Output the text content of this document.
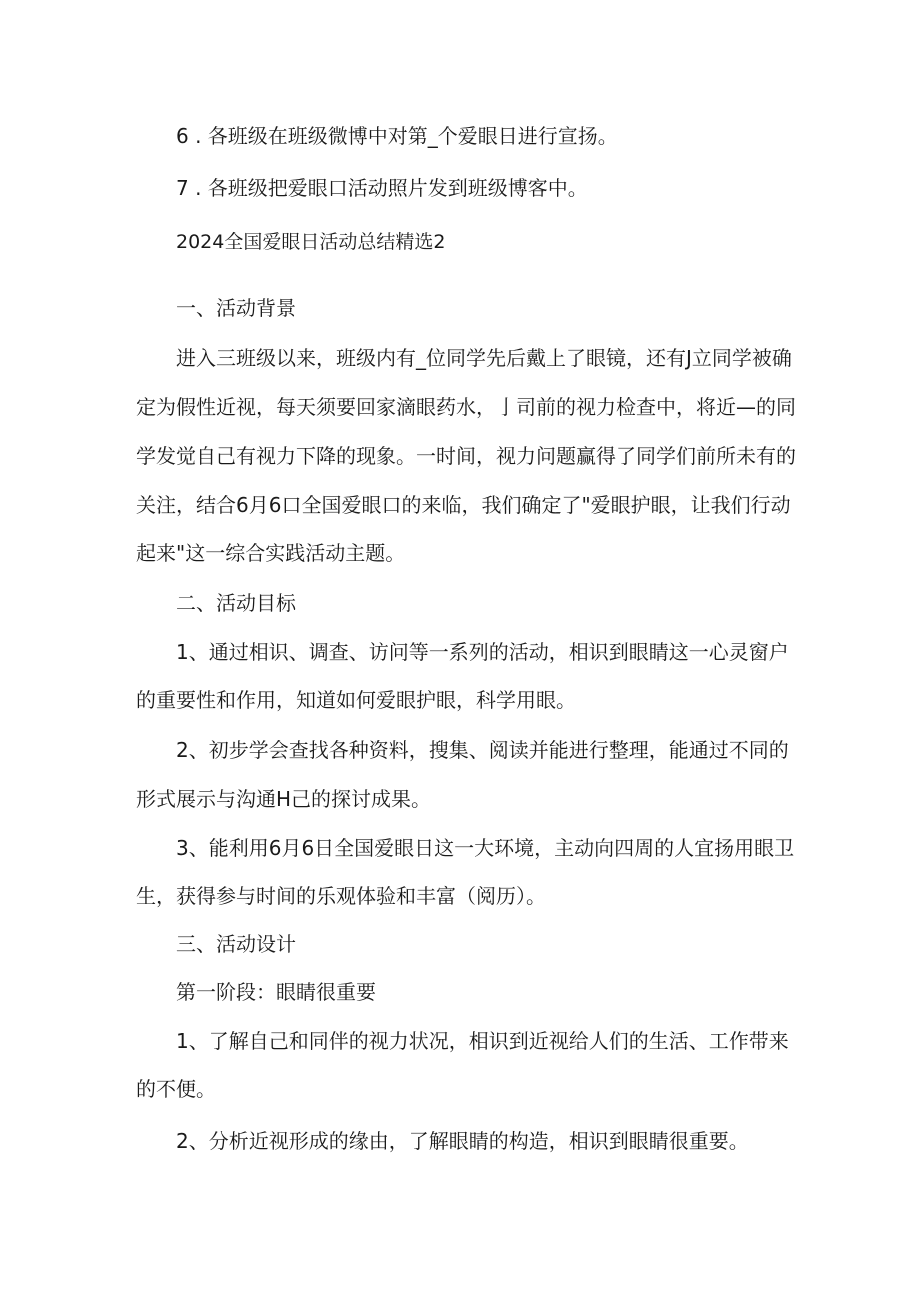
6 . 各班级在班级微博中对第_个爱眼日进行宣扬。
7 . 各班级把爱眼口活动照片发到班级博客中。
2024全国爱眼日活动总结精选2
一、活动背景
进入三班级以来，班级内有_位同学先后戴上了眼镜，还有J立同学被确
定为假性近视，每天须要回家滴眼药水，亅司前的视力检查中，将近—的同
学发觉自己有视力下降的现象。一时间，视力问题赢得了同学们前所未有的
关注，结合6月6口全国爱眼口的来临，我们确定了"爱眼护眼，让我们行动
起来"这一综合实践活动主题。
二、活动目标
1、通过相识、调查、访问等一系列的活动，相识到眼睛这一心灵窗户
的重要性和作用，知道如何爱眼护眼，科学用眼。
2、初步学会查找各种资料，搜集、阅读并能进行整理，能通过不同的
形式展示与沟通H己的探讨成果。
3、能利用6月6日全国爱眼日这一大环境，主动向四周的人宜扬用眼卫
生，获得参与时间的乐观体验和丰富（阅历）。
三、活动设计
第一阶段：眼睛很重要
1、了解自己和同伴的视力状况，相识到近视给人们的生活、工作带来
的不便。
2、分析近视形成的缘由，了解眼睛的构造，相识到眼睛很重要。
